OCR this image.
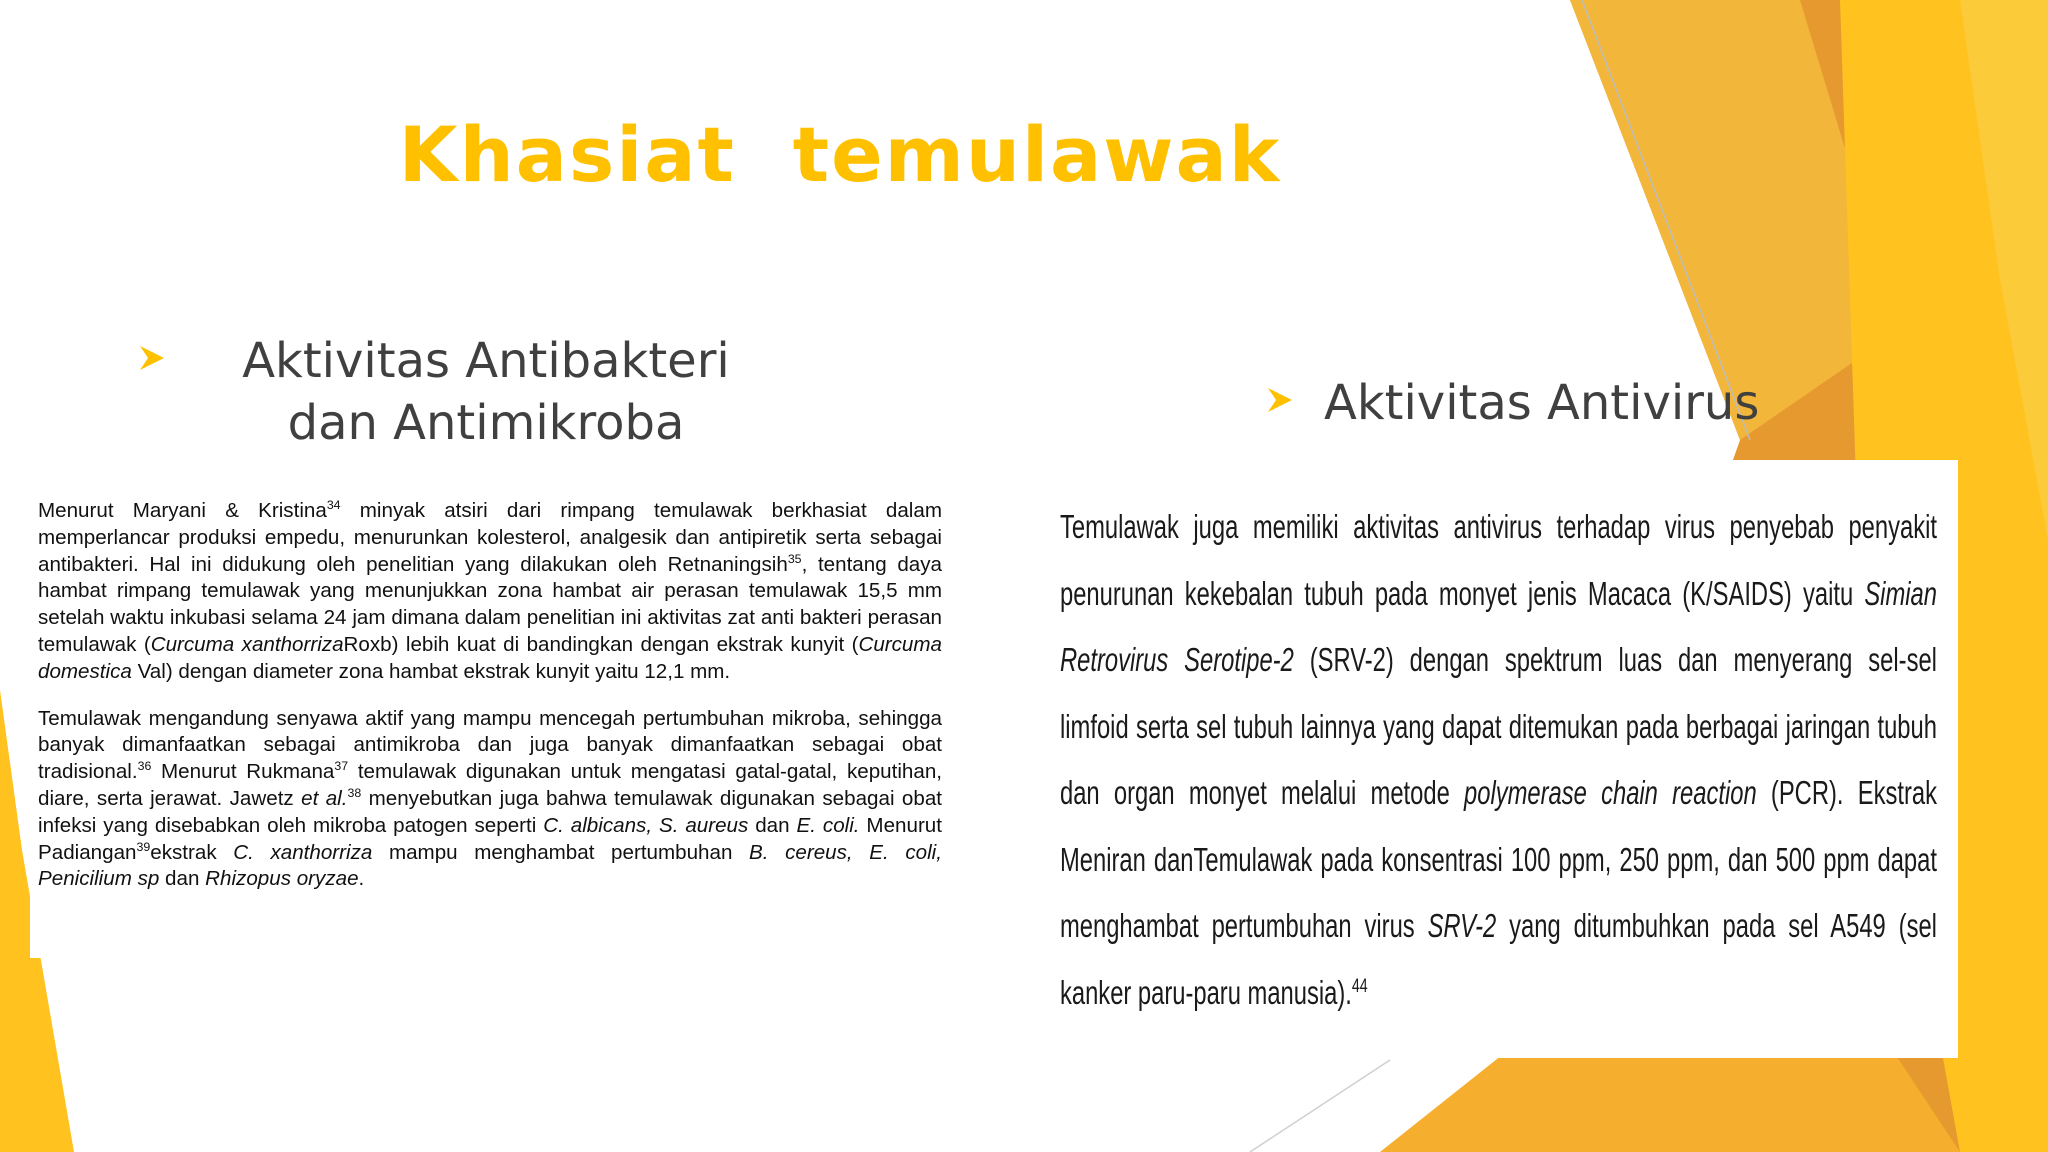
Khasiat  temulawak
Aktivitas Antibakteri dan Antimikroba	Aktivitas Antivirus

Menurut Maryani & Kristina$^{34}$ minyak atsiri dari rimpang temulawak berkhasiat dalam memperlancar produksi empedu, menurunkan kolesterol, analgesik dan antipiretik serta sebagai antibakteri. Hal ini didukung oleh penelitian yang dilakukan oleh Retnaningsih$^{35}$, tentang daya hambat rimpang temulawak yang menunjukkan zona hambat air perasan temulawak 15,5 mm setelah waktu inkubasi selama 24 jam dimana dalam penelitian ini aktivitas zat anti bakteri perasan temulawak (Curcuma xanthorrizaRoxb) lebih kuat di bandingkan dengan ekstrak kunyit (Curcuma domestica Val) dengan diameter zona hambat ekstrak kunyit yaitu 12,1 mm.

Temulawak mengandung senyawa aktif yang mampu mencegah pertumbuhan mikroba, sehingga banyak dimanfaatkan sebagai antimikroba dan juga banyak dimanfaatkan sebagai obat tradisional.$^{36}$ Menurut Rukmana$^{37}$ temulawak digunakan untuk mengatasi gatal-gatal, keputihan, diare, serta jerawat. Jawetz et al.$^{38}$ menyebutkan juga bahwa temulawak digunakan sebagai obat infeksi yang disebabkan oleh mikroba patogen seperti C. albicans, S. aureus dan E. coli. Menurut Padiangan$^{39}$ekstrak C. xanthorriza mampu menghambat pertumbuhan B. cereus, E. coli, Penicilium sp dan Rhizopus oryzae.

Temulawak juga memiliki aktivitas antivirus terhadap virus penyebab penyakit penurunan kekebalan tubuh pada monyet jenis Macaca (K/SAIDS) yaitu Simian Retrovirus Serotipe-2 (SRV-2) dengan spektrum luas dan menyerang sel-sel limfoid serta sel tubuh lainnya yang dapat ditemukan pada berbagai jaringan tubuh dan organ monyet melalui metode polymerase chain reaction (PCR). Ekstrak Meniran danTemulawak pada konsentrasi 100 ppm, 250 ppm, dan 500 ppm dapat menghambat pertumbuhan virus SRV-2 yang ditumbuhkan pada sel A549 (sel kanker paru-paru manusia).$^{44}$
